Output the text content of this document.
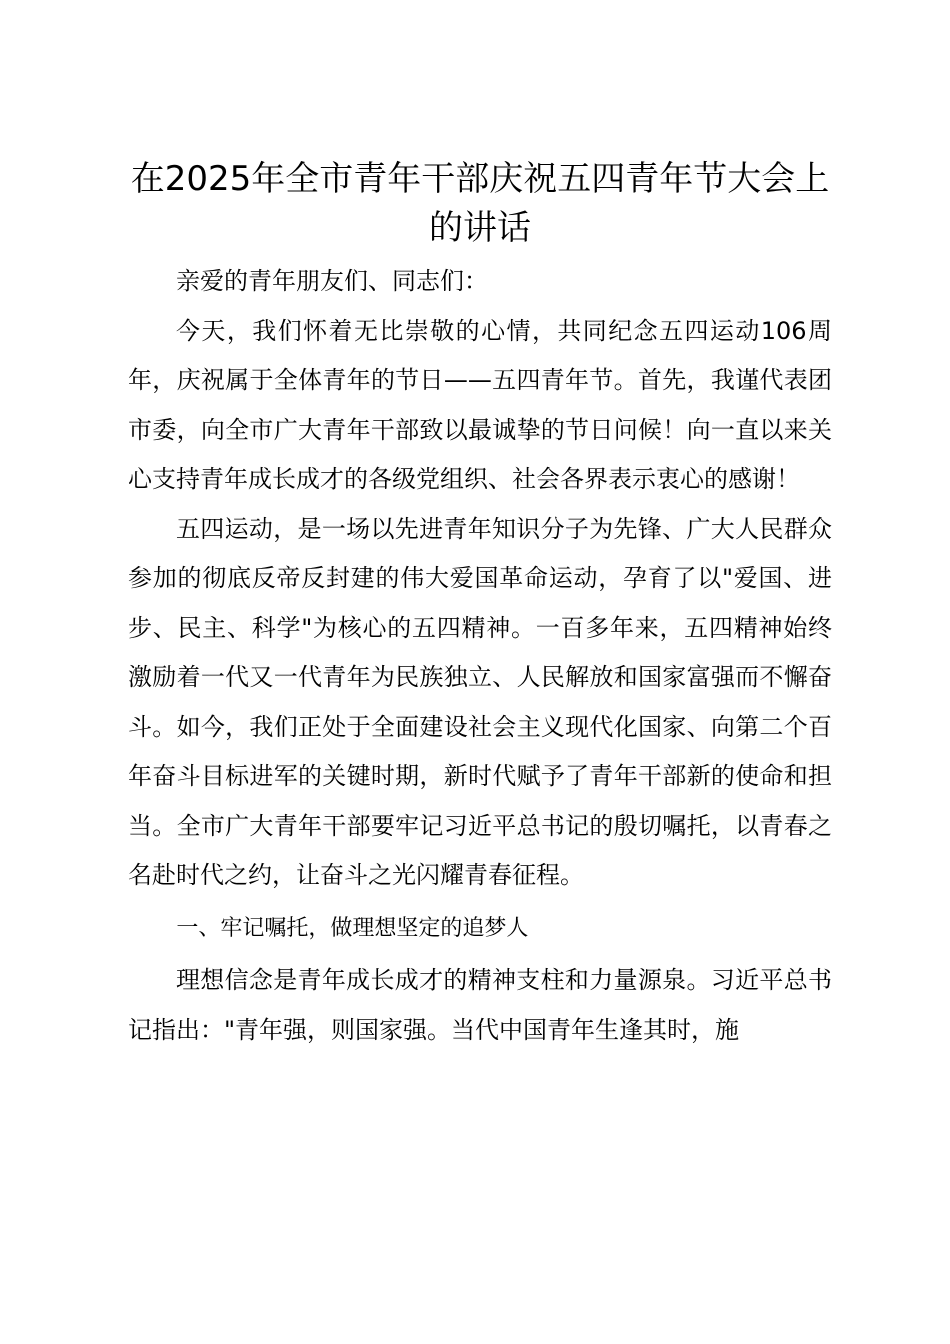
在2025年全市青年干部庆祝五四青年节大会上的讲话

亲爱的青年朋友们、同志们：

今天，我们怀着无比崇敬的心情，共同纪念五四运动106周年，庆祝属于全体青年的节日——五四青年节。首先，我谨代表团市委，向全市广大青年干部致以最诚挚的节日问候！向一直以来关心支持青年成长成才的各级党组织、社会各界表示衷心的感谢！

五四运动，是一场以先进青年知识分子为先锋、广大人民群众参加的彻底反帝反封建的伟大爱国革命运动，孕育了以"爱国、进步、民主、科学"为核心的五四精神。一百多年来，五四精神始终激励着一代又一代青年为民族独立、人民解放和国家富强而不懈奋斗。如今，我们正处于全面建设社会主义现代化国家、向第二个百年奋斗目标进军的关键时期，新时代赋予了青年干部新的使命和担当。全市广大青年干部要牢记习近平总书记的殷切嘱托，以青春之名赴时代之约，让奋斗之光闪耀青春征程。

一、牢记嘱托，做理想坚定的追梦人

理想信念是青年成长成才的精神支柱和力量源泉。习近平总书记指出："青年强，则国家强。当代中国青年生逢其时，施
